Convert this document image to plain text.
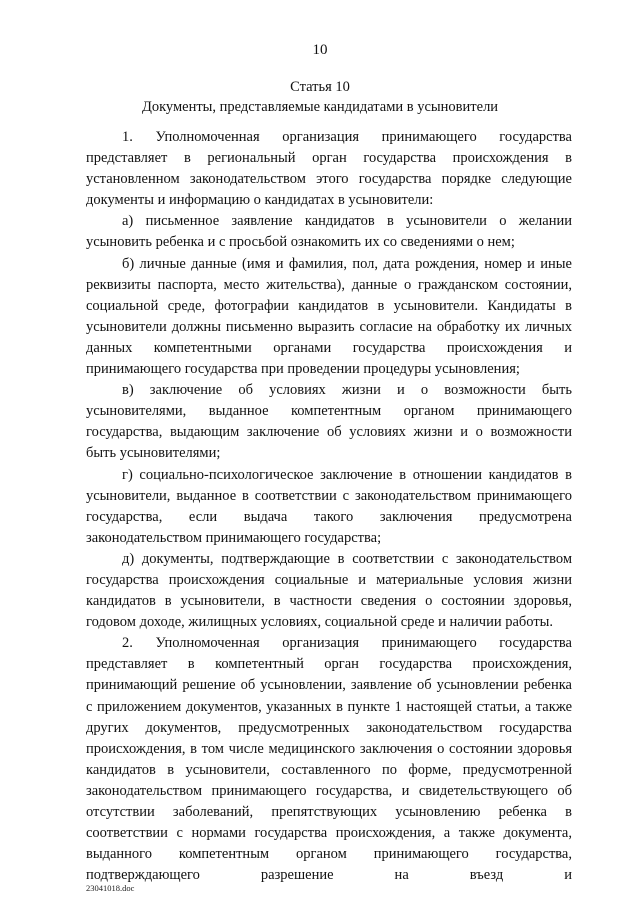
10
Статья 10
Документы, представляемые кандидатами в усыновители

1. Уполномоченная организация принимающего государства представляет в региональный орган государства происхождения в установленном законодательством этого государства порядке следующие документы и информацию о кандидатах в усыновители:

а) письменное заявление кандидатов в усыновители о желании усыновить ребенка и с просьбой ознакомить их со сведениями о нем;

б) личные данные (имя и фамилия, пол, дата рождения, номер и иные реквизиты паспорта, место жительства), данные о гражданском состоянии, социальной среде, фотографии кандидатов в усыновители. Кандидаты в усыновители должны письменно выразить согласие на обработку их личных данных компетентными органами государства происхождения и принимающего государства при проведении процедуры усыновления;

в) заключение об условиях жизни и о возможности быть усыновителями, выданное компетентным органом принимающего государства, выдающим заключение об условиях жизни и о возможности быть усыновителями;

г) социально-психологическое заключение в отношении кандидатов в усыновители, выданное в соответствии с законодательством принимающего государства, если выдача такого заключения предусмотрена законодательством принимающего государства;

д) документы, подтверждающие в соответствии с законодательством государства происхождения социальные и материальные условия жизни кандидатов в усыновители, в частности сведения о состоянии здоровья, годовом доходе, жилищных условиях, социальной среде и наличии работы.

2. Уполномоченная организация принимающего государства представляет в компетентный орган государства происхождения, принимающий решение об усыновлении, заявление об усыновлении ребенка с приложением документов, указанных в пункте 1 настоящей статьи, а также других документов, предусмотренных законодательством государства происхождения, в том числе медицинского заключения о состоянии здоровья кандидатов в усыновители, составленного по форме, предусмотренной законодательством принимающего государства, и свидетельствующего об отсутствии заболеваний, препятствующих усыновлению ребенка в соответствии с нормами государства происхождения, а также документа, выданного компетентным органом принимающего государства, подтверждающего разрешение на въезд и

23041018.doc
